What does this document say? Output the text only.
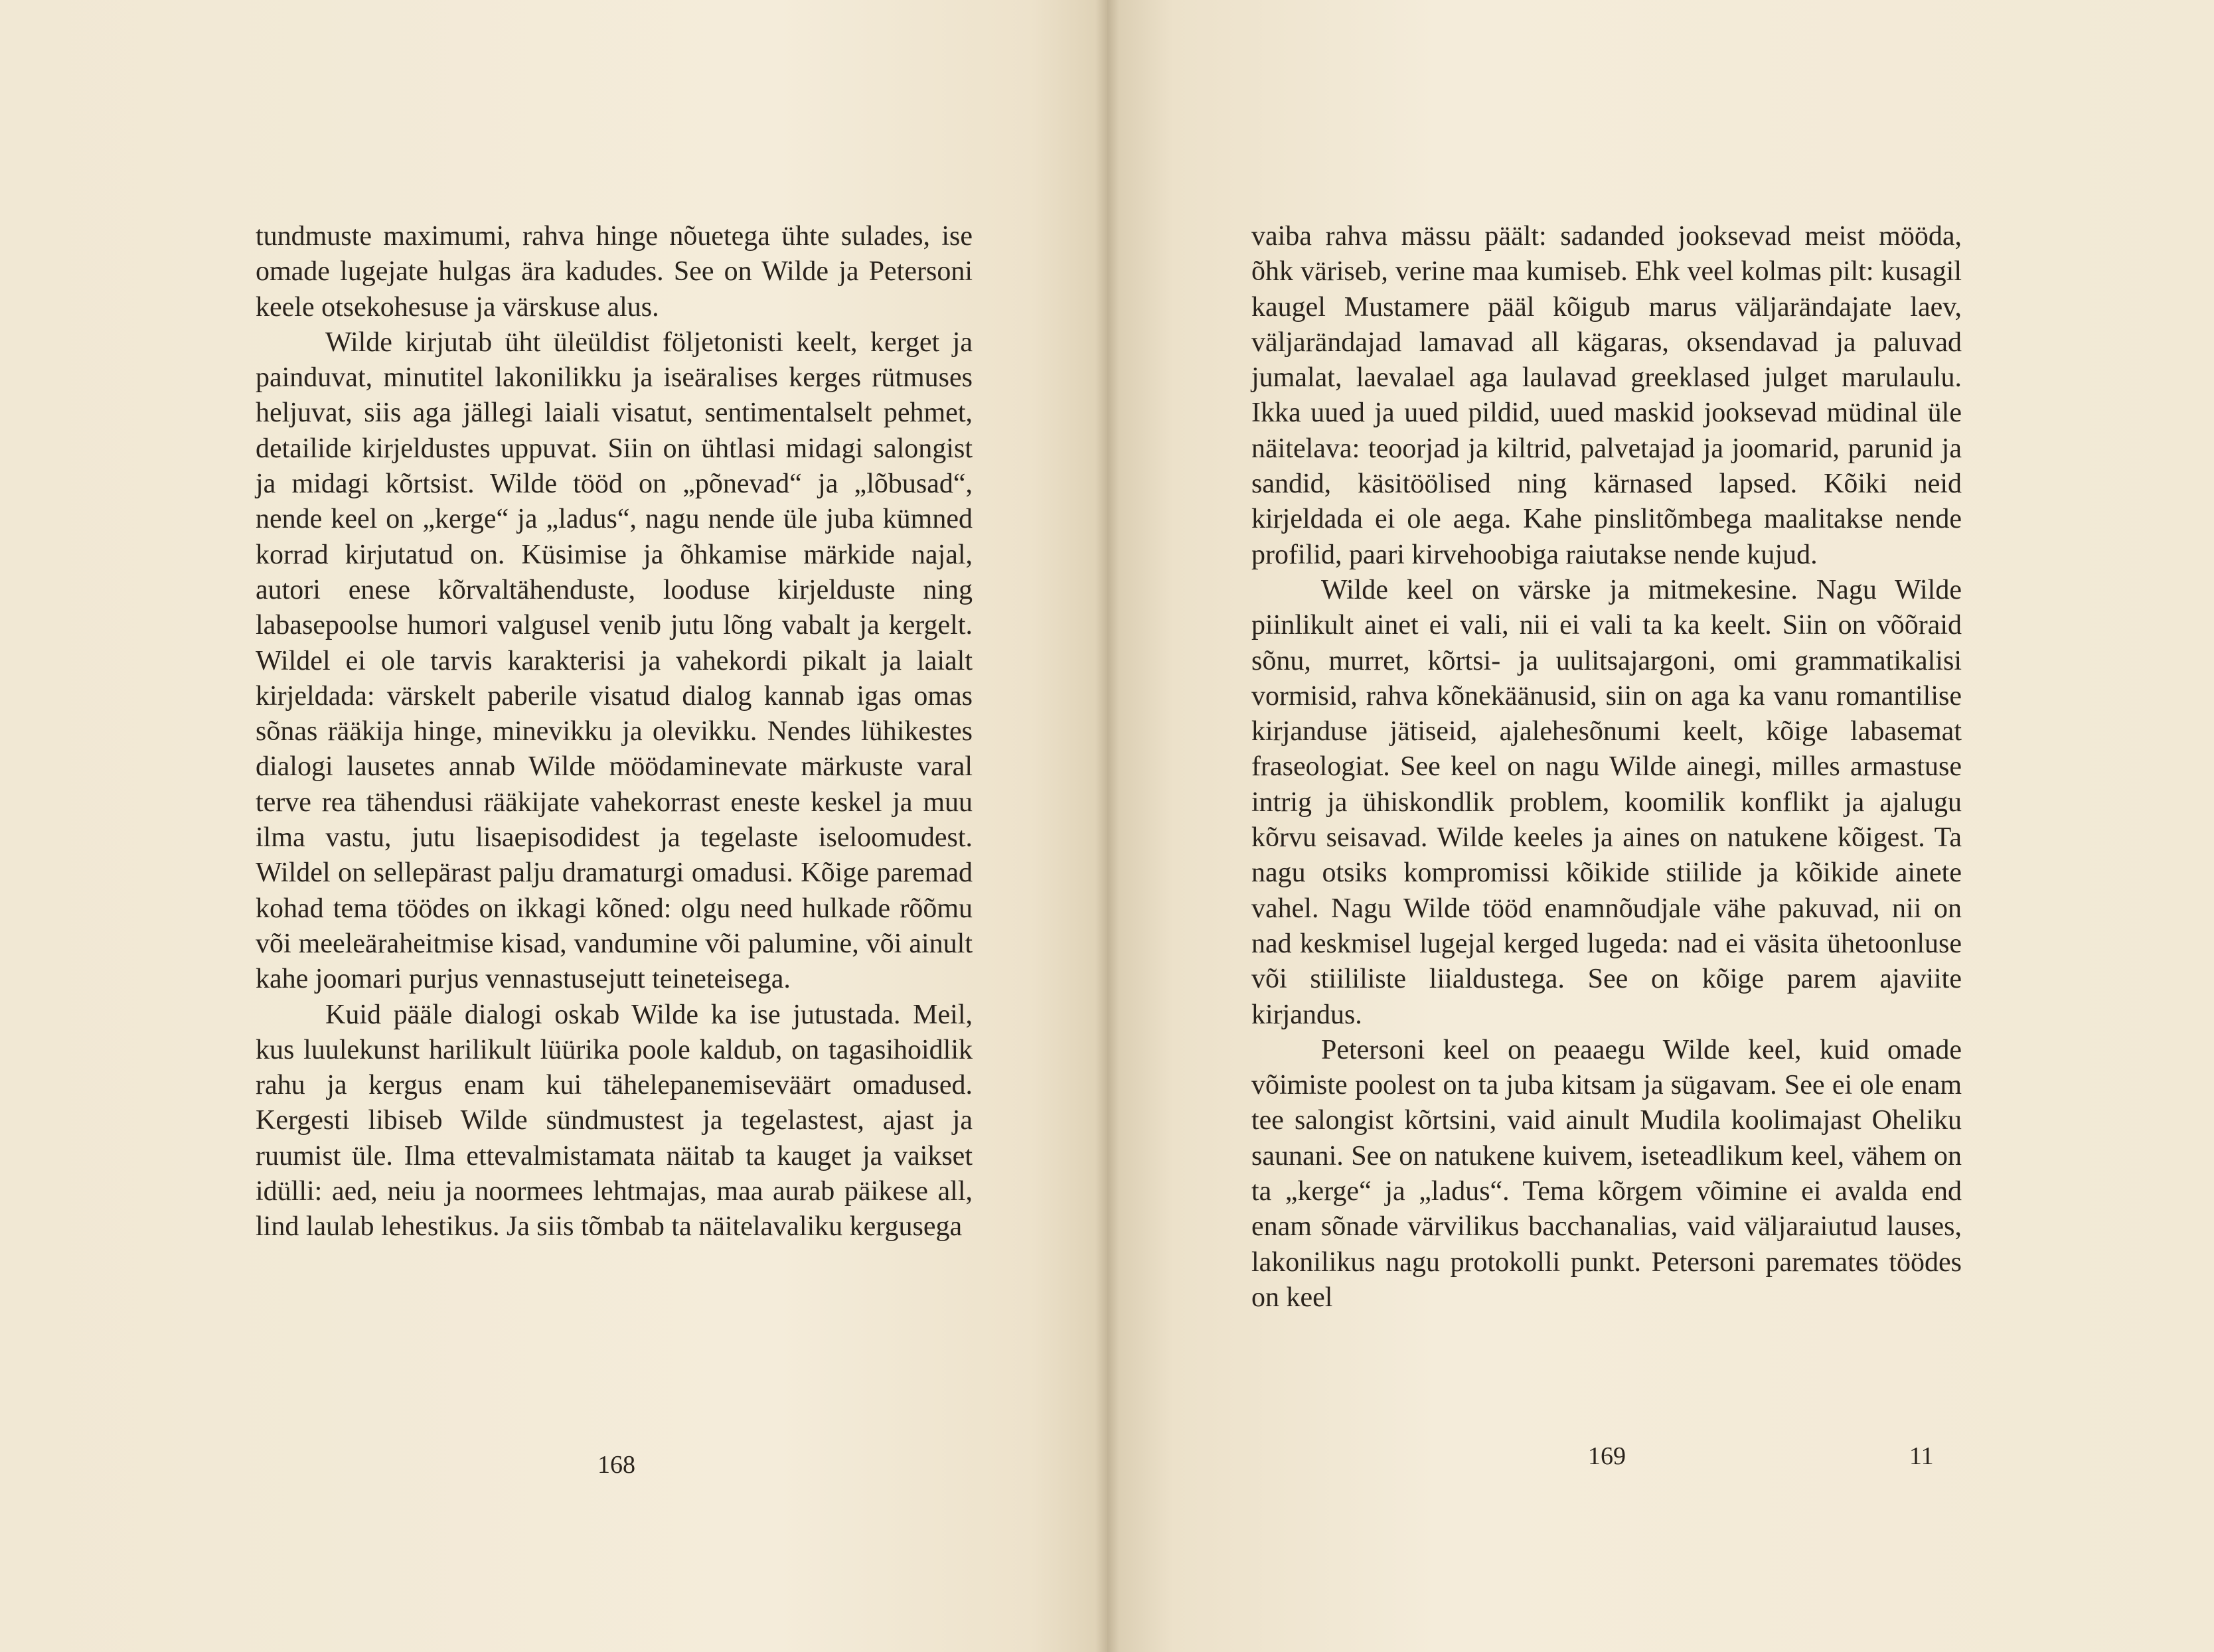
tundmuste maximumi, rahva hinge nõuetega ühte sulades, ise omade lugejate hulgas ära kadudes. See on Wilde ja Petersoni keele otsekohesuse ja värskuse alus.

Wilde kirjutab üht üleüldist följetonisti keelt, kerget ja painduvat, minutitel lakonilikku ja iseäralises kerges rütmuses heljuvat, siis aga jällegi laiali visatut, sentimentalselt pehmet, detailide kirjeldustes uppuvat. Siin on ühtlasi midagi salongist ja midagi kõrtsist. Wilde tööd on „põnevad“ ja „lõbusad“, nende keel on „kerge“ ja „ladus“, nagu nende üle juba kümned korrad kirjutatud on. Küsimise ja õhkamise märkide najal, autori enese kõrvaltähenduste, looduse kirjelduste ning labasepoolse humori valgusel venib jutu lõng vabalt ja kergelt. Wildel ei ole tarvis karakterisi ja vahekordi pikalt ja laialt kirjeldada: värskelt paberile visatud dialog kannab igas omas sõnas rääkija hinge, minevikku ja olevikku. Nendes lühikestes dialogi lausetes annab Wilde möödaminevate märkuste varal terve rea tähendusi rääkijate vahekorrast eneste keskel ja muu ilma vastu, jutu lisaepisodidest ja tegelaste iseloomudest. Wildel on sellepärast palju dramaturgi omadusi. Kõige paremad kohad tema töödes on ikkagi kõned: olgu need hulkade rõõmu või meeleäraheitmise kisad, vandumine või palumine, või ainult kahe joomari purjus vennastusejutt teineteisega.

Kuid pääle dialogi oskab Wilde ka ise jutustada. Meil, kus luulekunst harilikult lüürika poole kaldub, on tagasihoidlik rahu ja kergus enam kui tähelepanemiseväärt omadused. Kergesti libiseb Wilde sündmustest ja tegelastest, ajast ja ruumist üle. Ilma ettevalmistamata näitab ta kauget ja vaikset idülli: aed, neiu ja noormees lehtmajas, maa aurab päikese all, lind laulab lehestikus. Ja siis tõmbab ta näitelavaliku kergusega

168

vaiba rahva mässu päält: sadanded jooksevad meist mööda, õhk väriseb, verine maa kumiseb. Ehk veel kolmas pilt: kusagil kaugel Mustamere pääl kõigub marus väljarändajate laev, väljarändajad lamavad all kägaras, oksendavad ja paluvad jumalat, laevalael aga laulavad greeklased julget marulaulu. Ikka uued ja uued pildid, uued maskid jooksevad müdinal üle näitelava: teoorjad ja kiltrid, palvetajad ja joomarid, parunid ja sandid, käsitöölised ning kärnased lapsed. Kõiki neid kirjeldada ei ole aega. Kahe pinslitõmbega maalitakse nende profilid, paari kirvehoobiga raiutakse nende kujud.

Wilde keel on värske ja mitmekesine. Nagu Wilde piinlikult ainet ei vali, nii ei vali ta ka keelt. Siin on võõraid sõnu, murret, kõrtsi- ja uulitsajargoni, omi grammatikalisi vormisid, rahva kõnekäänusid, siin on aga ka vanu romantilise kirjanduse jätiseid, ajalehesõnumi keelt, kõige labasemat fraseologiat. See keel on nagu Wilde ainegi, milles armastuse intrig ja ühiskondlik problem, koomilik konflikt ja ajalugu kõrvu seisavad. Wilde keeles ja aines on natukene kõigest. Ta nagu otsiks kompromissi kõikide stiilide ja kõikide ainete vahel. Nagu Wilde tööd enamnõudjale vähe pakuvad, nii on nad keskmisel lugejal kerged lugeda: nad ei väsita ühetoonluse või stiililiste liialdustega. See on kõige parem ajaviite kirjandus.

Petersoni keel on peaaegu Wilde keel, kuid omade võimiste poolest on ta juba kitsam ja sügavam. See ei ole enam tee salongist kõrtsini, vaid ainult Mudila koolimajast Oheliku saunani. See on natukene kuivem, iseteadlikum keel, vähem on ta „kerge“ ja „ladus“. Tema kõrgem võimine ei avalda end enam sõnade värvilikus bacchanalias, vaid väljaraiutud lauses, lakonilikus nagu protokolli punkt. Petersoni paremates töödes on keel

169	11
